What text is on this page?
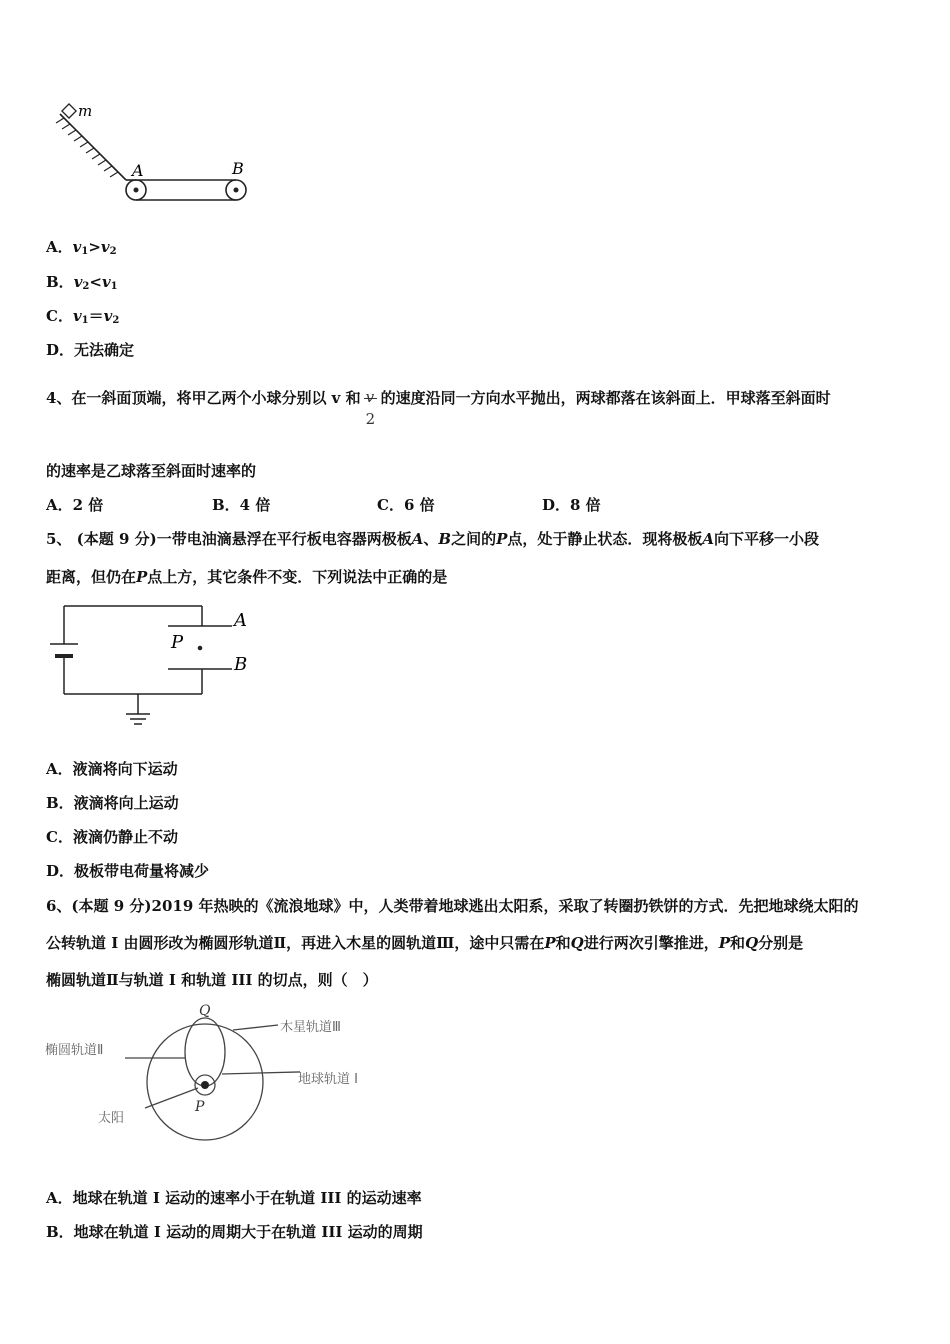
m
A	B
A．$v_1>v_2$
B．$v_2<v_1$
C．$v_1=v_2$
D．无法确定
4、在一斜面顶端，将甲乙两个小球分别以 v 和 v
2
的速度沿同一方向水平抛出，两球都落在该斜面上．甲球落至斜面时
的速率是乙球落至斜面时速率的
A．2 倍	B．4 倍	C．6 倍	D．8 倍
5、 (本题 9 分)一带电油滴悬浮在平行板电容器两极板A、B之间的P点，处于静止状态．现将极板A向下平移一小段
距离，但仍在P点上方，其它条件不变．下列说法中正确的是
P
A
B
A．液滴将向下运动
B．液滴将向上运动
C．液滴仍静止不动
D．极板带电荷量将减少
6、(本题 9 分)2019 年热映的《流浪地球》中，人类带着地球逃出太阳系，采取了转圈扔铁饼的方式．先把地球绕太阳的
公转轨道 I 由圆形改为椭圆形轨道Ⅱ，再进入木星的圆轨道Ⅲ，途中只需在P和Q进行两次引擎推进，P和Q分别是
椭圆轨道Ⅱ与轨道 I 和轨道 III 的切点，则（　）
Q
P
木星轨道Ⅲ
椭圆轨道Ⅱ
地球轨道 I
太阳
A．地球在轨道 I 运动的速率小于在轨道 III 的运动速率
B．地球在轨道 I 运动的周期大于在轨道 III 运动的周期
